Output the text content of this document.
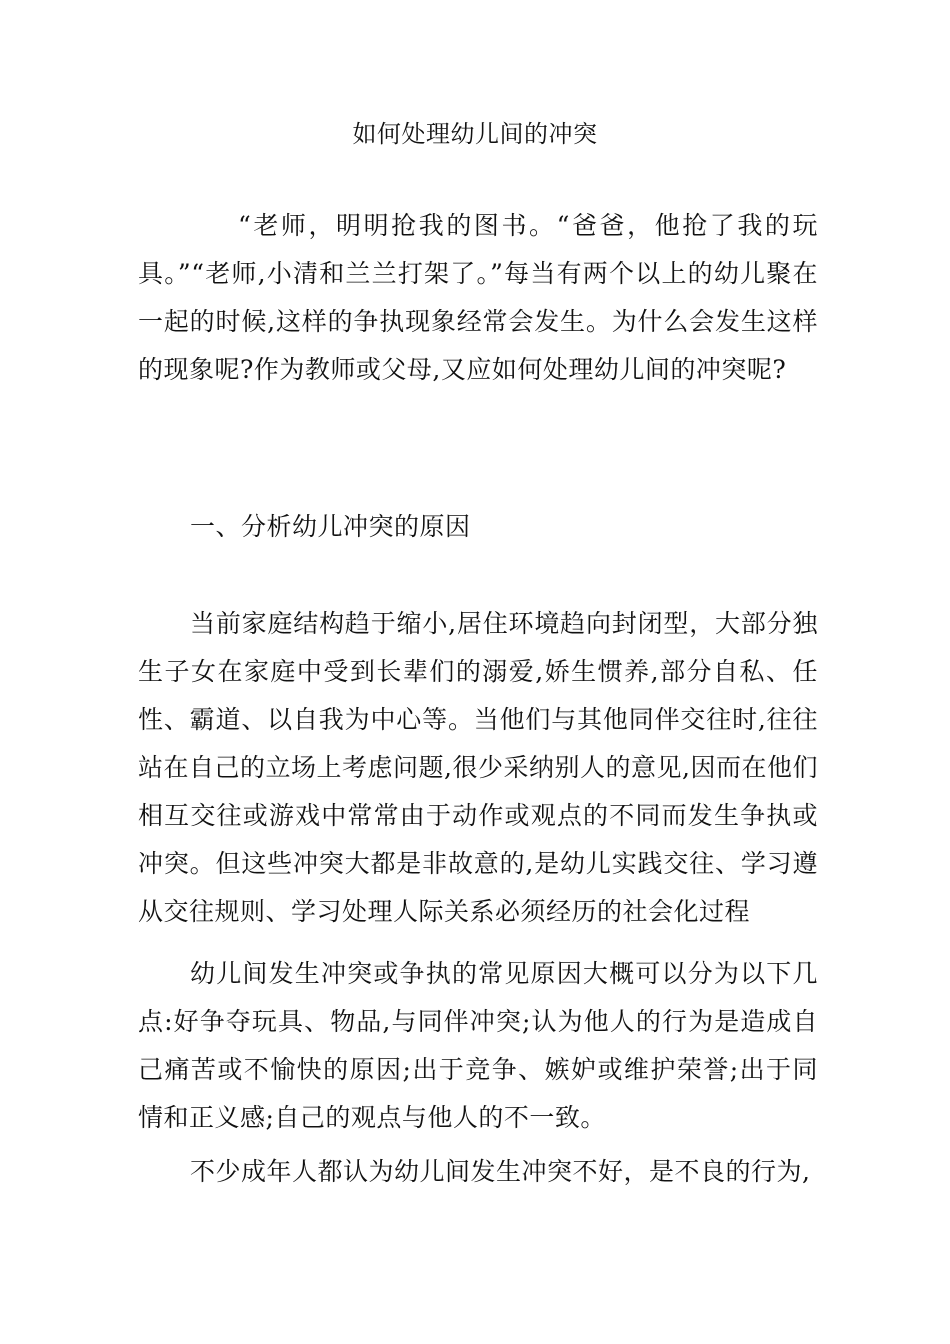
如何处理幼儿间的冲突

“老师，明明抢我的图书。“爸爸，他抢了我的玩具。”“老师,小清和兰兰打架了。”每当有两个以上的幼儿聚在一起的时候,这样的争执现象经常会发生。为什么会发生这样的现象呢?作为教师或父母,又应如何处理幼儿间的冲突呢?

一、分析幼儿冲突的原因

当前家庭结构趋于缩小,居住环境趋向封闭型，大部分独生子女在家庭中受到长辈们的溺爱,娇生惯养,部分自私、任性、霸道、以自我为中心等。当他们与其他同伴交往时,往往站在自己的立场上考虑问题,很少采纳别人的意见,因而在他们相互交往或游戏中常常由于动作或观点的不同而发生争执或冲突。但这些冲突大都是非故意的,是幼儿实践交往、学习遵从交往规则、学习处理人际关系必须经历的社会化过程

幼儿间发生冲突或争执的常见原因大概可以分为以下几点:好争夺玩具、物品,与同伴冲突;认为他人的行为是造成自己痛苦或不愉快的原因;出于竞争、嫉妒或维护荣誉;出于同情和正义感;自己的观点与他人的不一致。

不少成年人都认为幼儿间发生冲突不好，是不良的行为,
